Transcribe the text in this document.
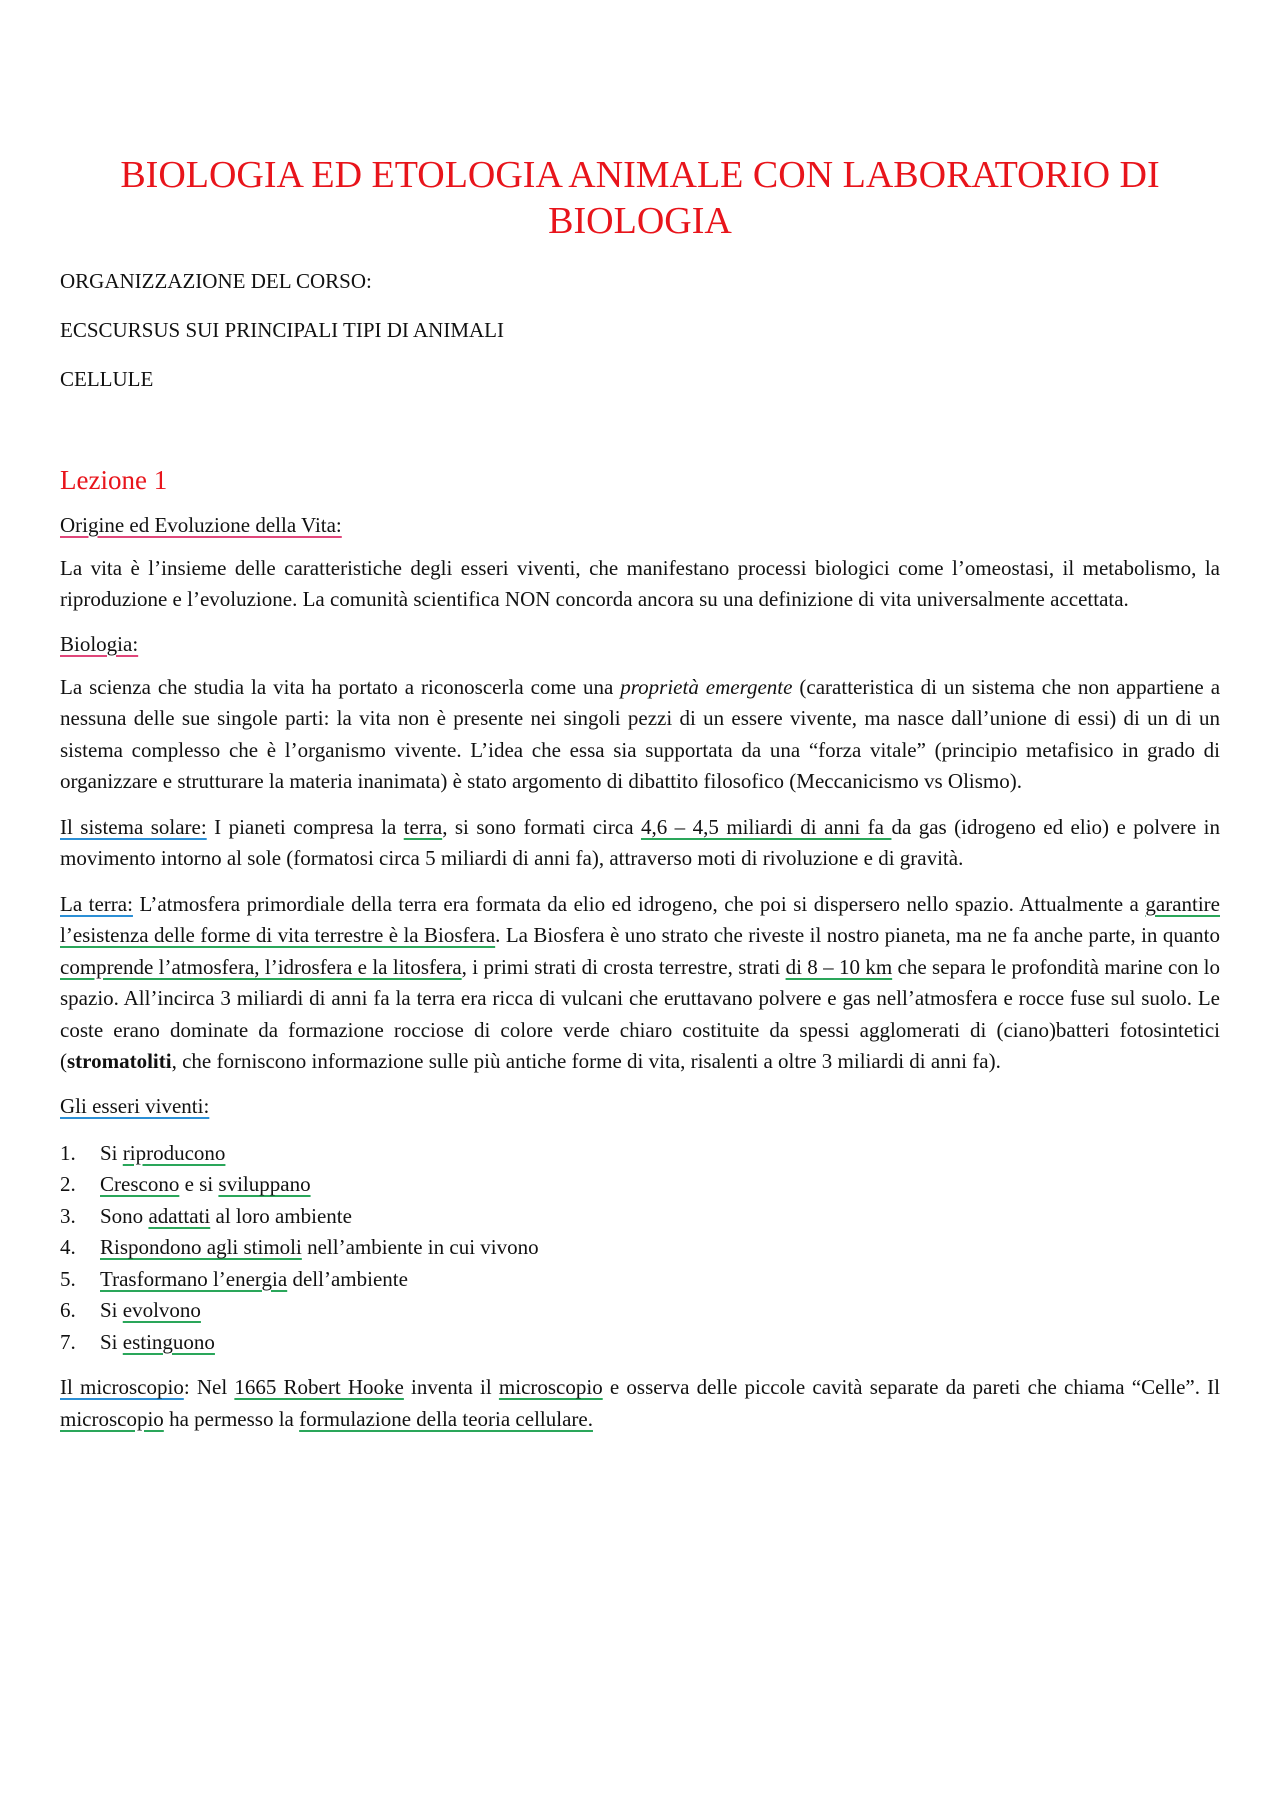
BIOLOGIA ED ETOLOGIA ANIMALE CON LABORATORIO DI BIOLOGIA

ORGANIZZAZIONE DEL CORSO:

ECSCURSUS SUI PRINCIPALI TIPI DI ANIMALI

CELLULE

Lezione 1

Origine ed Evoluzione della Vita:

La vita è l’insieme delle caratteristiche degli esseri viventi, che manifestano processi biologici come l’omeostasi, il metabolismo, la riproduzione e l’evoluzione. La comunità scientifica NON concorda ancora su una definizione di vita universalmente accettata.

Biologia:

La scienza che studia la vita ha portato a riconoscerla come una proprietà emergente (caratteristica di un sistema che non appartiene a nessuna delle sue singole parti: la vita non è presente nei singoli pezzi di un essere vivente, ma nasce dall’unione di essi) di un di un sistema complesso che è l’organismo vivente. L’idea che essa sia supportata da una “forza vitale” (principio metafisico in grado di organizzare e strutturare la materia inanimata) è stato argomento di dibattito filosofico (Meccanicismo vs Olismo).

Il sistema solare: I pianeti compresa la terra, si sono formati circa 4,6 – 4,5 miliardi di anni fa da gas (idrogeno ed elio) e polvere in movimento intorno al sole (formatosi circa 5 miliardi di anni fa), attraverso moti di rivoluzione e di gravità.

La terra: L’atmosfera primordiale della terra era formata da elio ed idrogeno, che poi si dispersero nello spazio. Attualmente a garantire l’esistenza delle forme di vita terrestre è la Biosfera. La Biosfera è uno strato che riveste il nostro pianeta, ma ne fa anche parte, in quanto comprende l’atmosfera, l’idrosfera e la litosfera, i primi strati di crosta terrestre, strati di 8 – 10 km che separa le profondità marine con lo spazio. All’incirca 3 miliardi di anni fa la terra era ricca di vulcani che eruttavano polvere e gas nell’atmosfera e rocce fuse sul suolo. Le coste erano dominate da formazione rocciose di colore verde chiaro costituite da spessi agglomerati di (ciano)batteri fotosintetici (stromatoliti, che forniscono informazione sulle più antiche forme di vita, risalenti a oltre 3 miliardi di anni fa).

Gli esseri viventi:

1. Si riproducono
2. Crescono e si sviluppano
3. Sono adattati al loro ambiente
4. Rispondono agli stimoli nell’ambiente in cui vivono
5. Trasformano l’energia dell’ambiente
6. Si evolvono
7. Si estinguono

Il microscopio: Nel 1665 Robert Hooke inventa il microscopio e osserva delle piccole cavità separate da pareti che chiama “Celle”. Il microscopio ha permesso la formulazione della teoria cellulare.
